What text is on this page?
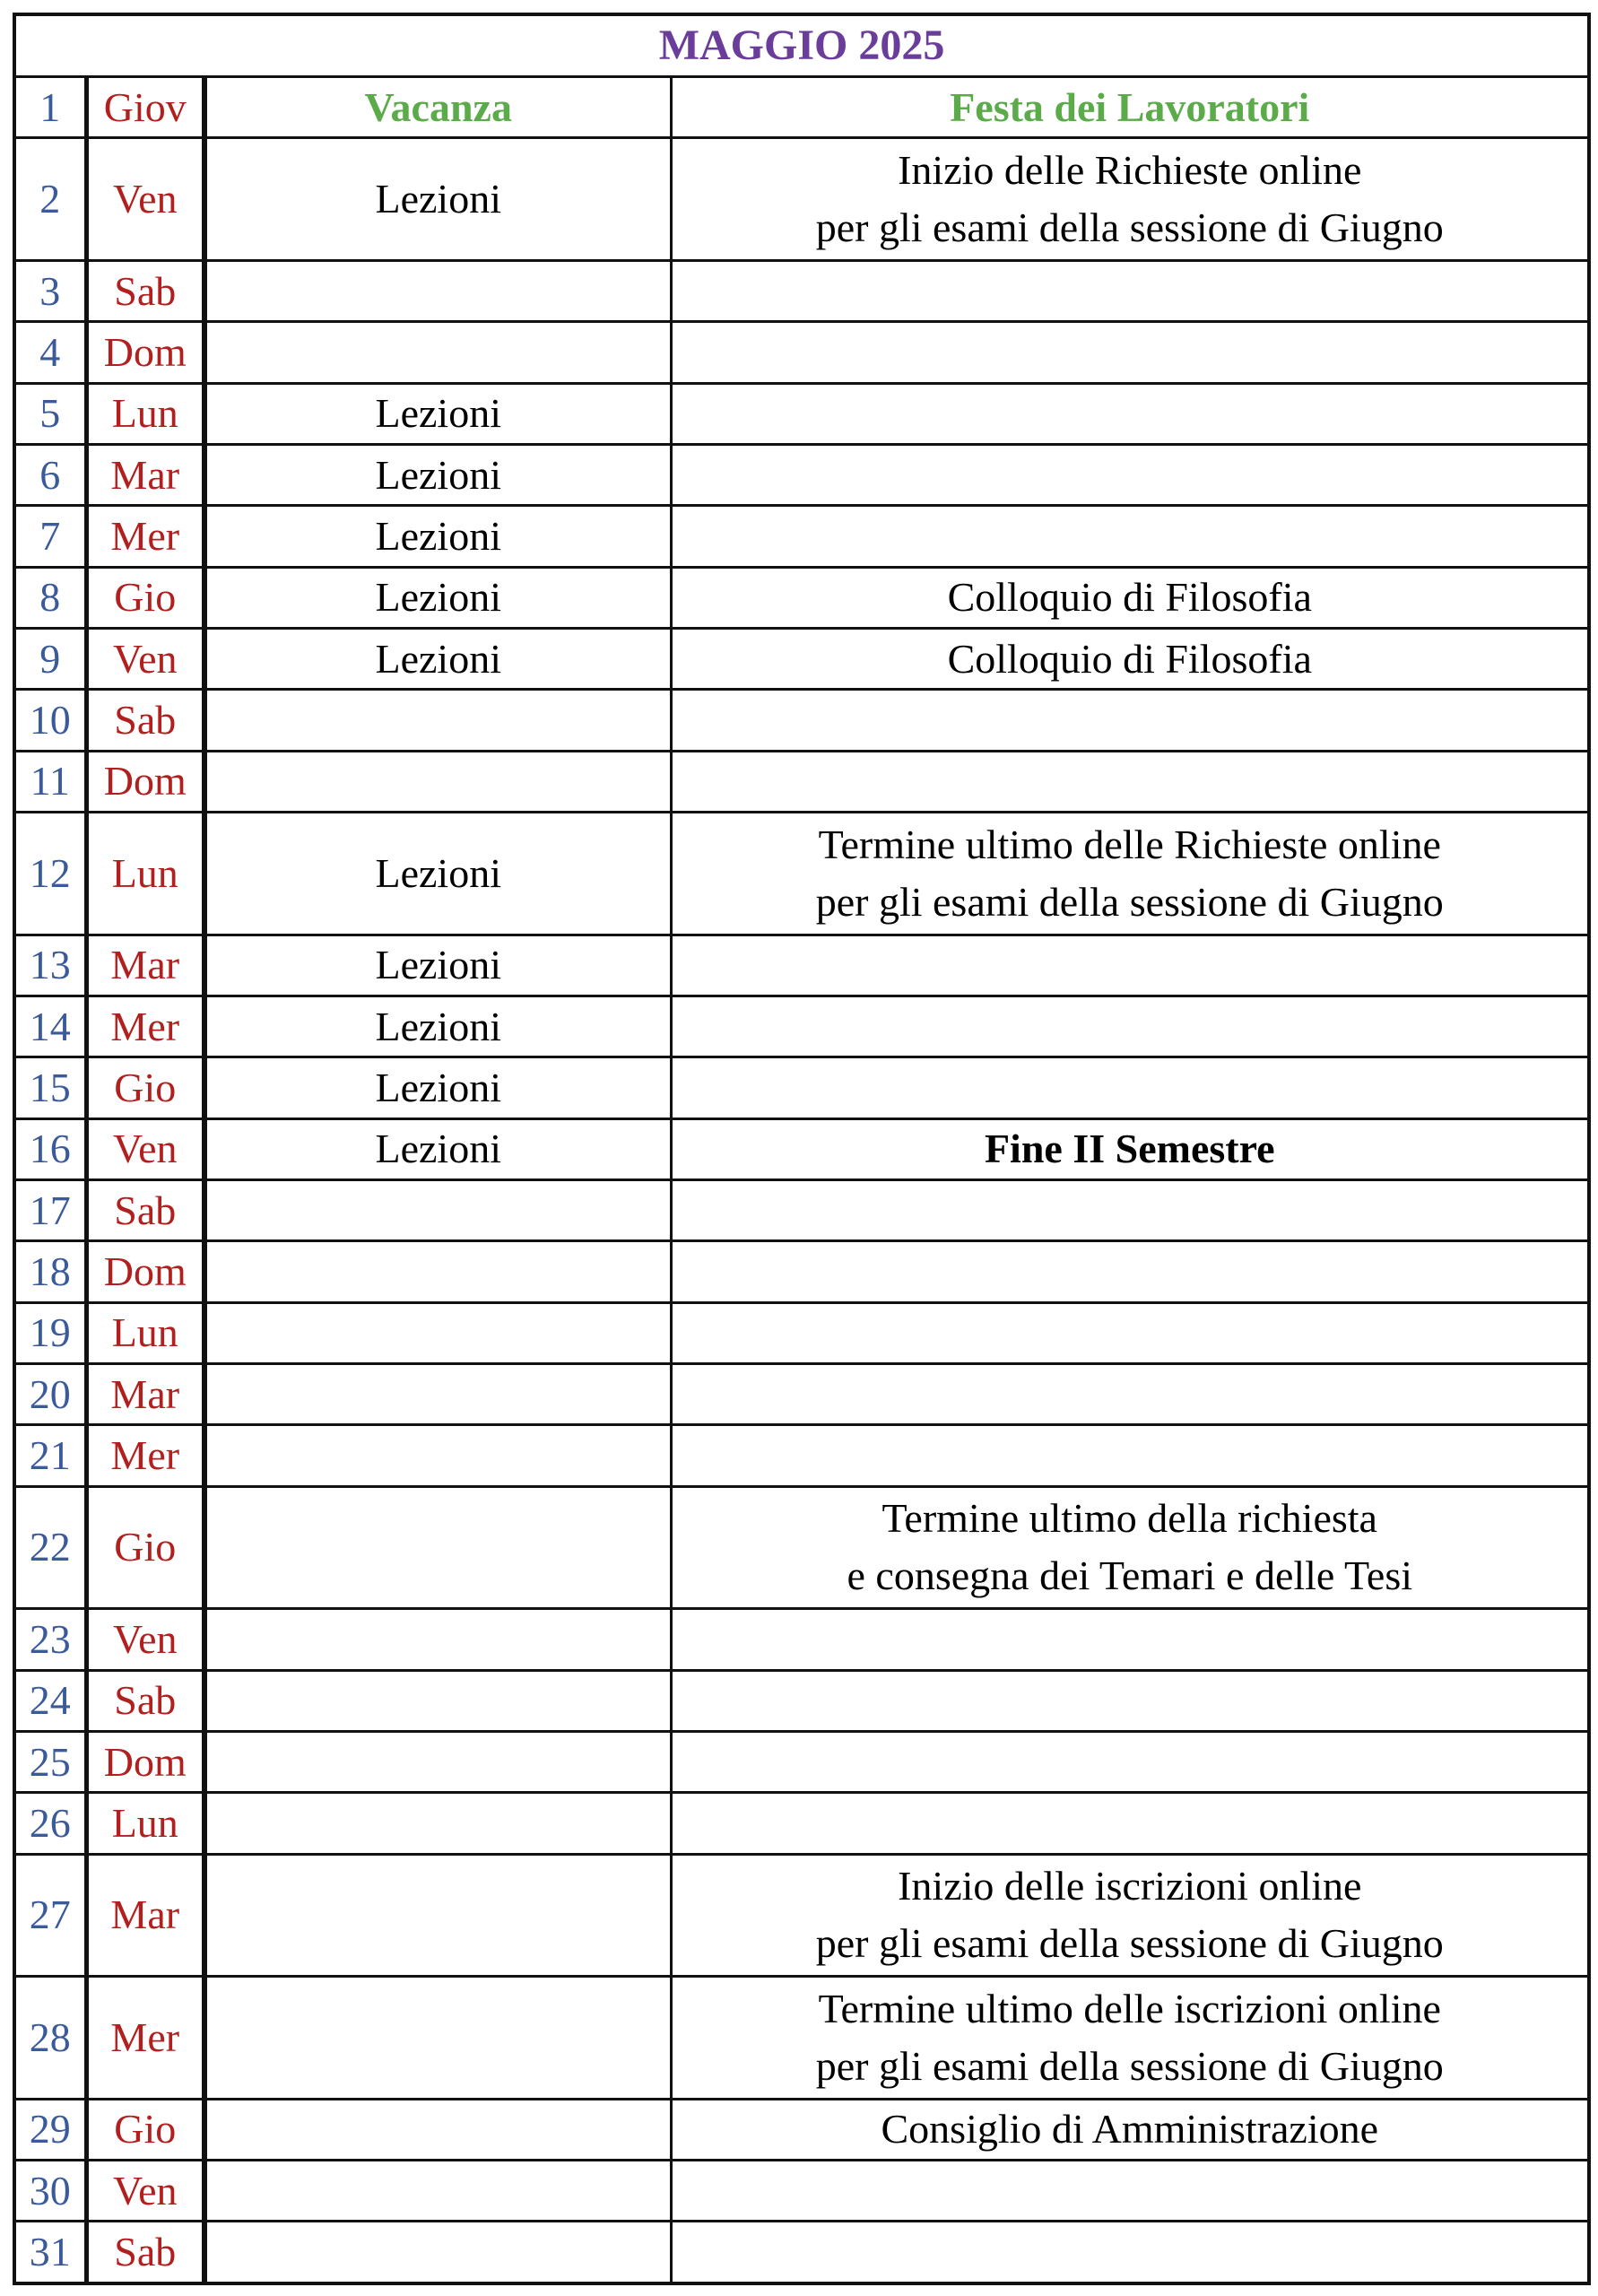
MAGGIO 2025			
1	Giov	Vacanza	Festa dei Lavoratori

2	Ven	Lezioni	Inizio delle Richieste online
per gli esami della sessione di Giugno

3	Sab		
4	Dom		
5	Lun	Lezioni	
6	Mar	Lezioni	
7	Mer	Lezioni	
8	Gio	Lezioni	Colloquio di Filosofia

9	Ven	Lezioni	Colloquio di Filosofia

10	Sab		
11	Dom		
12	Lun	Lezioni	Termine ultimo delle Richieste online
per gli esami della sessione di Giugno

13	Mar	Lezioni	
14	Mer	Lezioni	
15	Gio	Lezioni	
16	Ven	Lezioni	Fine II Semestre

17	Sab		
18	Dom		
19	Lun		
20	Mar		
21	Mer		
22	Gio		Termine ultimo della richiesta
e consegna dei Temari e delle Tesi

23	Ven		
24	Sab		
25	Dom		
26	Lun		
27	Mar		Inizio delle iscrizioni online
per gli esami della sessione di Giugno

28	Mer		Termine ultimo delle iscrizioni online
per gli esami della sessione di Giugno

29	Gio		Consiglio di Amministrazione

30	Ven		
31	Sab		
